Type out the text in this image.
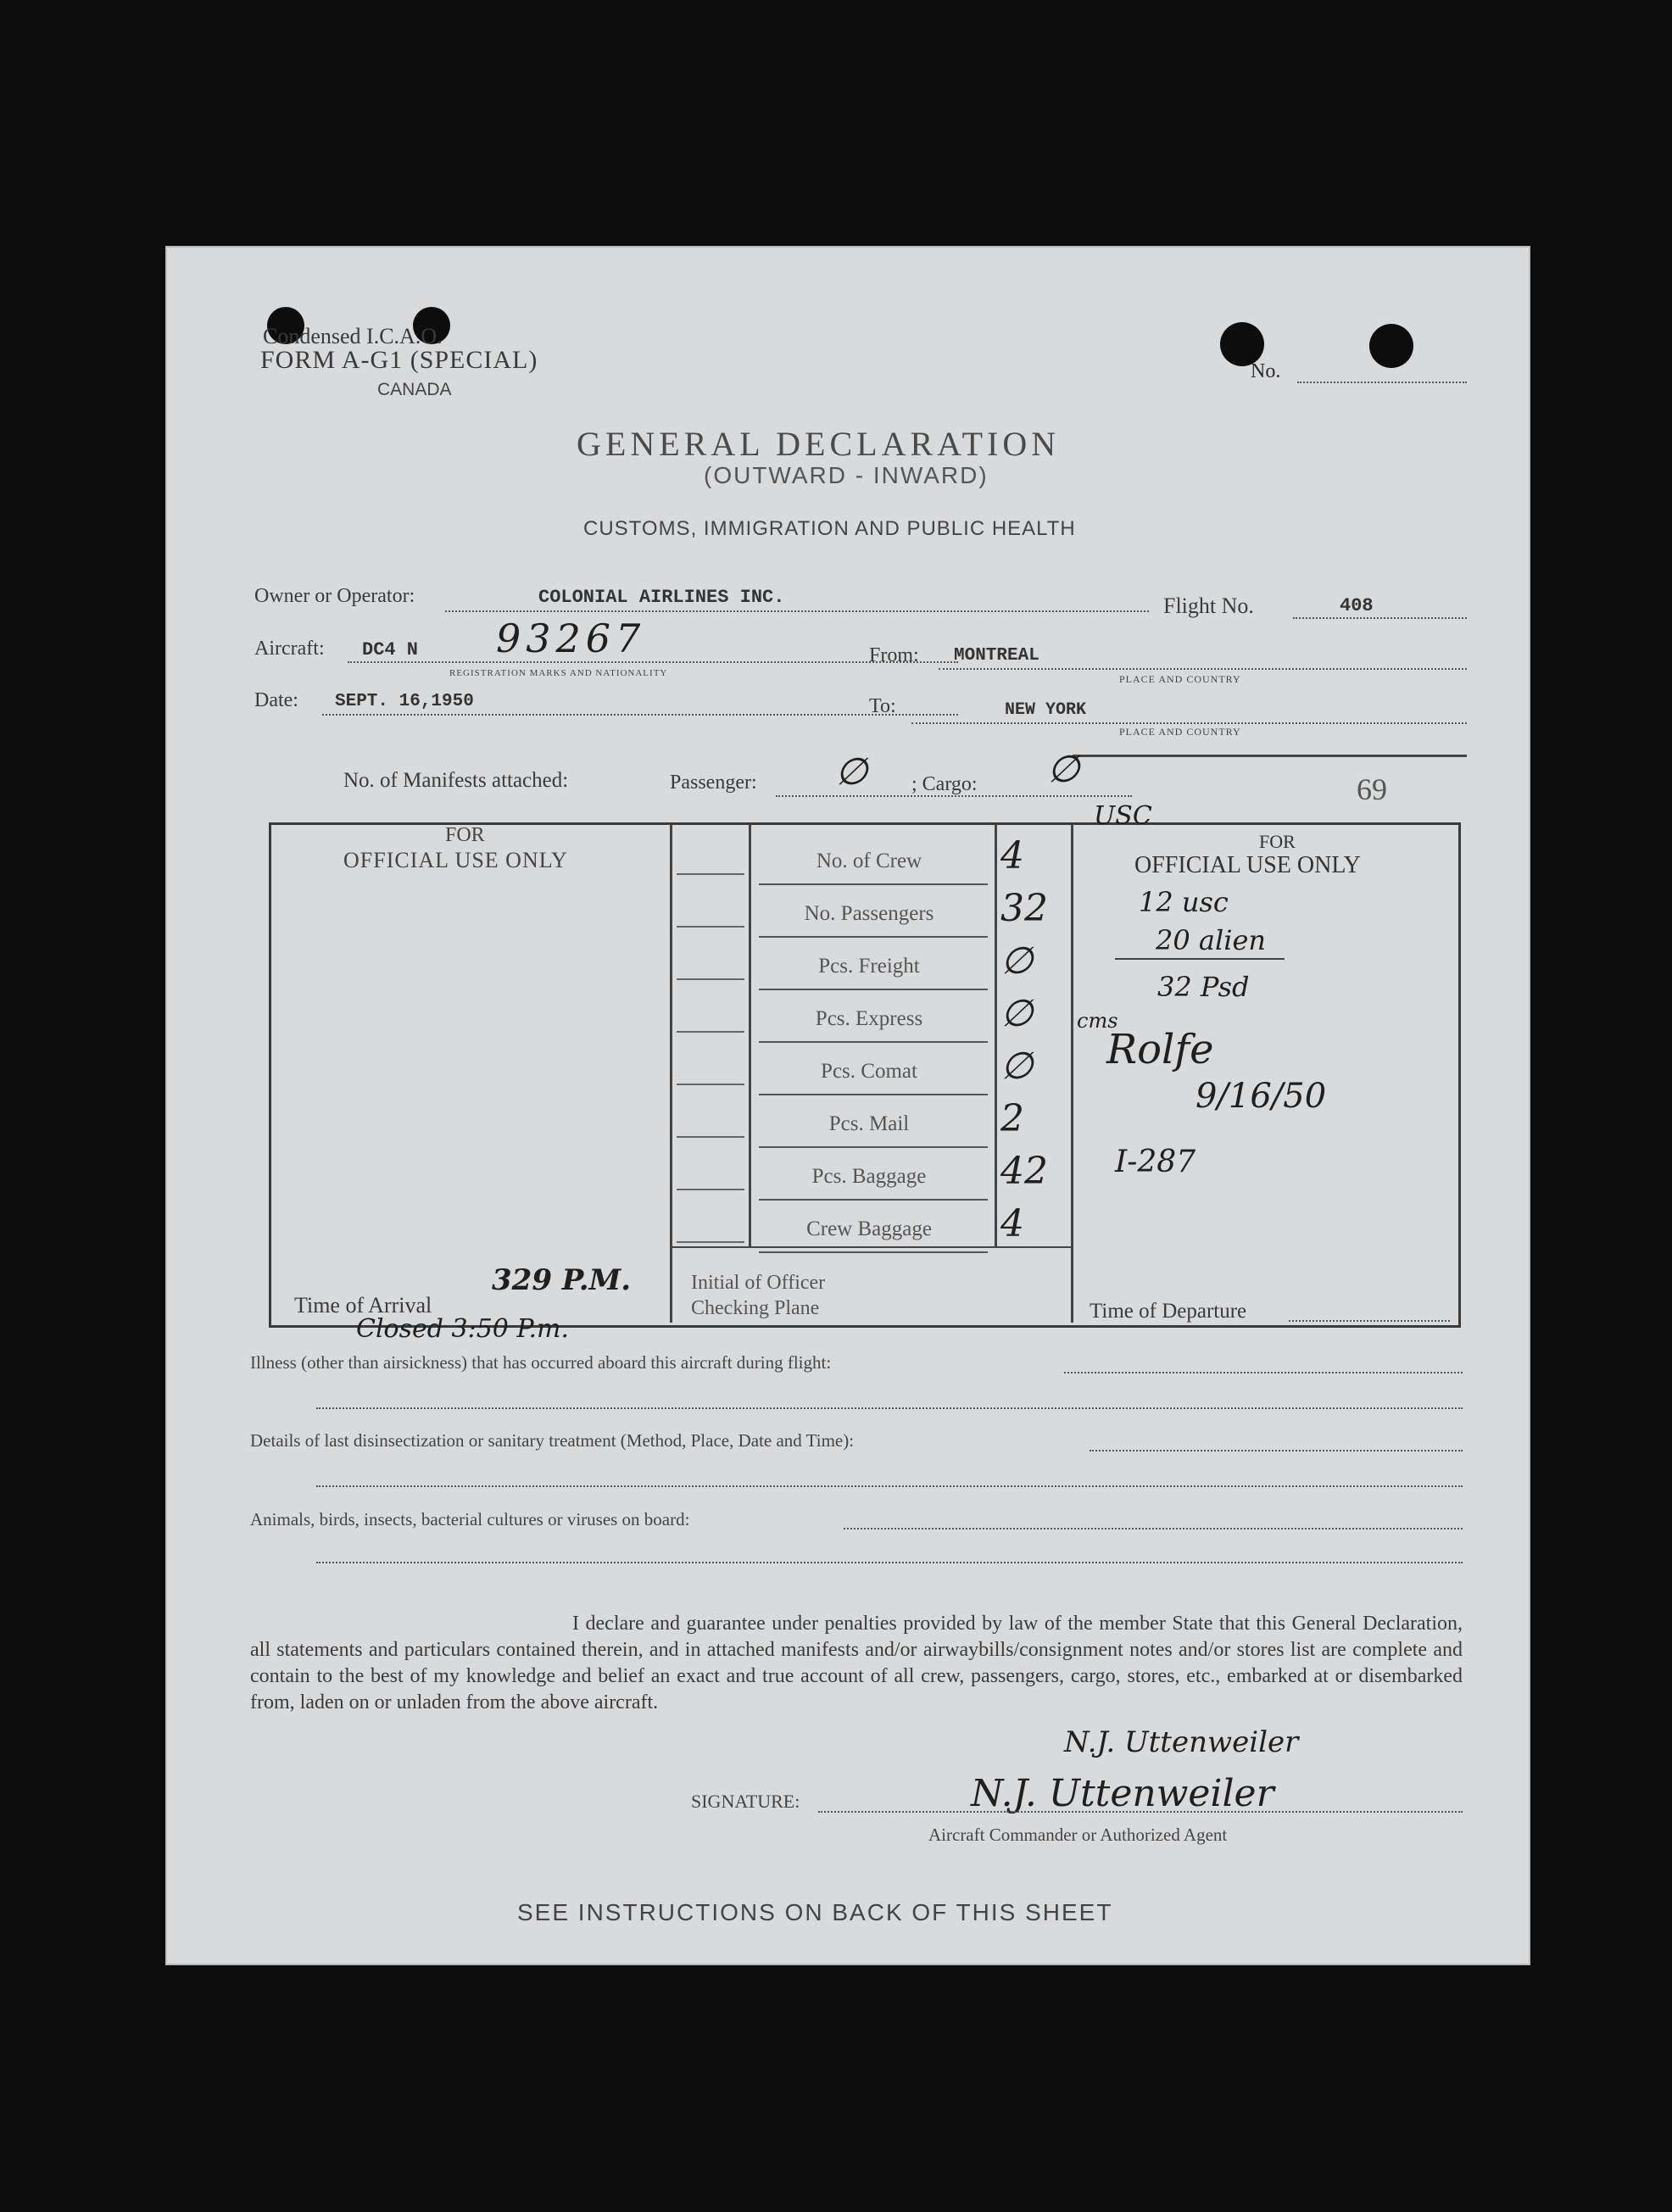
Condensed I.C.A.O.
FORM A-G1 (SPECIAL)
CANADA
No.
GENERAL DECLARATION
(OUTWARD - INWARD)
CUSTOMS, IMMIGRATION AND PUBLIC HEALTH
Owner or Operator:	COLONIAL AIRLINES INC.	Flight No.	408
Aircraft: DC4 N 93267
REGISTRATION MARKS AND NATIONALITY
From: MONTREAL
PLACE AND COUNTRY
Date: SEPT. 16,1950	To:	NEW YORK
PLACE AND COUNTRY
No. of Manifests attached:	Passenger: ∅ ; Cargo: ∅	69
FOR
OFFICIAL USE ONLY
Time of Arrival
329 P.M.
Closed 3:50 P.m.
No. of Crew	4
No. Passengers	32
Pcs. Freight	∅
Pcs. Express	∅
Pcs. Comat	∅
Pcs. Mail	2
Pcs. Baggage	42
Crew Baggage	4
Initial of Officer
Checking Plane
USC
FOR
OFFICIAL USE ONLY
12 usc
20 alien
32 Psd
cms
Rolfe
9/16/50
I-287
Time of Departure
Illness (other than airsickness) that has occurred aboard this aircraft during flight:
Details of last disinsectization or sanitary treatment (Method, Place, Date and Time):
Animals, birds, insects, bacterial cultures or viruses on board:
I declare and guarantee under penalties provided by law of the member State that this General Declaration, all statements and particulars contained therein, and in attached manifests and/or airwaybills/consignment notes and/or stores list are complete and contain to the best of my knowledge and belief an exact and true account of all crew, passengers, cargo, stores, etc., embarked at or disembarked from, laden on or unladen from the above aircraft.
N.J. Uttenweiler
SIGNATURE:	N.J. Uttenweiler
Aircraft Commander or Authorized Agent
SEE INSTRUCTIONS ON BACK OF THIS SHEET
